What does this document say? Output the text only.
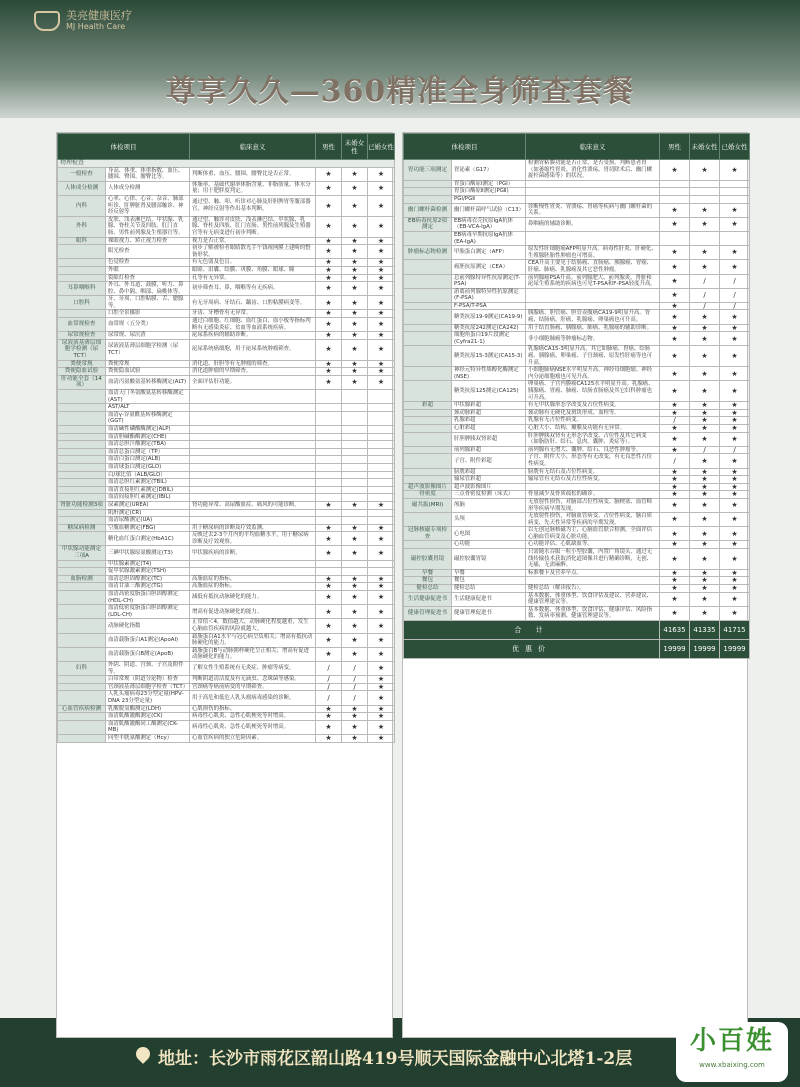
美亮健康医疗
MJ Health Care
尊享久久—360精准全身筛查套餐
体检项目		临床意义	男性	未婚女性	已婚女性
物理检查					
一般检查	身高、体重、体重指数、血压、腰围、臀围、腰臀比等。	判断体重、血压、腰围、腰臀比是否正常。	★	★	★
人体成分检测	人体成分检测	体脂率、基础代谢率体脂含量、非脂肪量、体水分量；用于肥胖度判定。	★	★	★
内科	心率、心律、心音、杂音、肺部听诊、肝脾脏肾及腰部触诊、神经反射等	通过望、触、叩、听诊对心肺及肝胆脾胃等腹部器官，神经反射等作出基本判断。	★	★	★
外科	皮肤、浅表淋巴结、甲状腺、乳腺、脊柱关节及四肢、肛门直肠、男性前列腺及生殖器官等。	通过望、触诊对皮肤、浅表淋巴结、甲状腺、乳腺、脊柱及四肢、肛门直肠、男性前列腺及生殖器官等有无病变进行初步判断。	★	★	★
眼科	裸眼视力、矫正视力检查	视力是否正常。	★	★	★
	眼光检查	初步了解被检者眼睛散光手午钱视网膜上建畸的整备形状。	★	★	★
	色觉检查	有无色弱及色盲。	★	★	★
	外眼	眼睑、泪囊、结膜、巩膜、角膜、眼球、瞳	★	★	★
	裂隙灯检查	孔等有无异常。	★	★	★
耳鼻咽喉科	外耳、外耳道、鼓膜、听力、鼻腔、鼻中隔、咽部、扁桃体等。	初步筛查耳、鼻、咽喉等有无疾病。	★	★	★
口腔科	牙、牙周、口腔粘膜、舌、腮腺等。	有无牙周病、牙结石、龋齿、口腔粘膜病变等。	★	★	★
	口腔全景摄影	牙齿、牙槽骨有无异常。	★	★	★
血常规检查	血常规（五分类）	通过白细胞、红细胞、血红蛋白、血小板等指标判断有无感染炎症、贫血等血液系统疾病。	★	★	★
尿常规检查	尿常规、尿沉渣	泌尿系疾病的辅助诊断。	★	★	★
尿液液基薄层细胞学检测（尿TCT）	尿液液基薄层细胞学检测（尿TCT）	泌尿系统癌细胞，用于泌尿系统肿瘤筛查。	★	★	★
粪便常规	粪便常规	消化道、肝胆等有无肿瘤的筛查。	★	★	★
粪便隐血试验	粪便隐血试验	消化道肿瘤的早期筛查。	★	★	★
肝功能全套（14项）	血清丙氨酸氨基转移酶测定(ALT)	全面评估肝功能。	★	★	★
	血清天门冬氨酸氨基转移酶测定(AST)				
	AST/ALT				
	血清γ-谷氨酰基转移酶测定(GGT)				
	血清碱性磷酸酶测定(ALP)				
	血清胆碱酯酶测定(CHE)				
	血清总胆汁酸测定(TBA)				
	血清总蛋白测定（TP）				
	血清白蛋白测定(ALB)				
	血清球蛋白测定(GLO)				
	白/球比值（ALB/GLO）				
	血清总胆红素测定(TBIL)				
	血清直接胆红素测定(DBIL)				
	血清间接胆红素测定(IBIL)				
肾脏功能检测3项	尿素测定(UREA)	肾功能异常、高尿酸血症、痛风的可能诊断。	★	★	★
	肌酐测定(CR)				
	血清尿酸测定(UA)				
糖尿病检测	空腹血糖测定(FBG)	用于糖尿病的诊断及疗效监测。	★	★	★
	糖化血红蛋白测定(HbA1C)	反映过去2-3个月内的平均血糖水平，用于糖尿病诊断及疗效观察。	★	★	★
甲状腺功能测定三项A	三碘甲状腺原氨酸测定(T3)	甲状腺疾病的诊断。	★	★	★
	甲状腺素测定(T4)				
	促甲状腺激素测定(TSH)				
血脂检测	血清总胆固醇测定(TC)	高脂血症的指标。	★	★	★
	血清甘油三酯测定(TG)	高脂血症的指标。	★	★	★
	血清高密度脂蛋白胆固醇测定(HDL-CH)	減低有抵抗动脉硬化的能力。	★	★	★
	血清低密度脂蛋白胆固醇测定(LDL-CH)	增高有促进动脉硬化的能力。	★	★	★
	动脉硬化指数	正常值＜4，数值越大，动脉硬化程度越重，发生心脑血管疾病的风险就越大。	★	★	★
	血清载脂蛋白A1测定(ApoAI)	载脂蛋白A1水平与冠心病呈负相关；增高有抵抗动脉硬化的能力。	★	★	★
	血清载脂蛋白B测定(ApoB)	载脂蛋白B与动脉粥样硬化呈正相关；增高有促进动脉硬化的能力。	★	★	★
妇科	外阴、阴道、宫颈、子宫及附件等。	了解女性生殖系统有无炎症、肿瘤等病变。	/	/	★
	白带常规（阴道分泌物）检查	判断阴道清洁度及有无滴虫、念珠菌等感染。	/	/	★
	宫颈液基薄层细胞学检查（TCT）	宫颈癌等癌前病变的早期筛查。	/	/	★
	人乳头瘤病毒23分型定量(HPV-DNA 23分型定量)	用于高危和低危人乳头瘤病毒感染的诊断。	/	/	★
心血管疾病检测	乳酸脱氢酶测定(LDH)	心肌损伤的指标。	★	★	★
	血清肌酸激酶测定(CK)	病毒性心肌炎、急性心肌梗死等时增高。	★	★	★
	血清肌酸激酶同工酶测定(CK-MB)	病毒性心肌炎、急性心肌梗死等时增高。	★	★	★
	同型半胱氨酸测定（Hcy）	心血管疾病的独立危险因素。	★	★	★
体检项目		临床意义	男性	未婚女性	已婚女性
胃功能三项测定	胃泌素（G17）	检测胃粘膜功能是否正常，是否受损。判断患者胃（如萎缩性胃炎、消化性溃疡、胃切除术后、幽门螺旋杆菌感染等）的状况。	★	★	★
	胃蛋白酶原Ⅰ测定（PGⅠ）				
	胃蛋白酶原Ⅱ测定(PGⅡ)				
	PGⅠ/PGⅡ				
幽门螺杆菌检测	幽门螺杆菌呼气试验（C13）	诊断慢性胃炎、胃溃疡、胃癌等疾病与幽门螺杆菌的关系。	★	★	★
EB病毒抗原2项测定	EB病毒衣壳抗原IgA抗体（EB-VCA-IgA）	鼻咽癌的辅助诊断。	★	★	★
	EB病毒早期抗原IgA抗体(EA-IgA)				
肿瘤标志物检测	甲胎蛋白测定（AFP）	原发性肝细胞癌AFP明显升高。病毒性肝炎、肝硬化、生殖腺胚胎性肿瘤也可增高。	★	★	★
	癌胚抗原测定（CEA）	CEA升高主要见于结肠癌、直肠癌、胰腺癌、胃癌、肝癌、肺癌、乳腺癌及其它恶性肿瘤。	★	★	★
	总前列腺特异性抗原测定(T-PSA)	前列腺癌PSA升高。前列腺肥大、前列腺炎，肾脏和泌尿生殖系统的疾病也可见T-PSA和F-PSA轻度升高。	★	/	/
	游离前列腺特异性抗原测定(F-PSA)		★	/	/
	F-PSA/T-PSA		★	/	/
	糖类抗原19-9测定(CA19-9)	胰腺癌、胆管癌、胆管壶腹癌CA19-9明显升高。胃癌、结肠癌、肝癌、乳腺癌、卵巢癌也可升高。	★	★	★
	糖类抗原242测定(CA242)	用于结直肠癌、胰腺癌、肺癌、乳腺癌的辅助诊断。	★	★	★
	细胞角蛋白19片段测定(Cyfra21-1)	非小细胞肺癌等肿瘤标志物。	★	★	★
	糖类抗原15-3测定(CA15-3)	乳腺癌CA15-3明显升高，其它如肺癌、胃癌、结肠癌、胰腺癌、卵巢癌、子宫颈癌、原发性肝癌等也可升高。	★	★	★
	神经元特异性烯醇化酶测定(NSE)	小细胞肺癌NSE水平明显升高，神经母细胞瘤、神经内分泌细胞瘤也可见升高。	★	★	★
	糖类抗原125测定(CA125)	卵巢癌、子宫内膜癌CA125水平明显升高。乳腺癌、胰腺癌、胃癌、肺癌、结肠直肠癌及其它妇科肿瘤也可升高。	★	★	★
彩超	甲状腺彩超	有无甲状腺形态学改变及占位性病变。	★	★	★
	颈动脉彩超	颈动脉有无硬化及斑块形成、血栓等。	★	★	★
	乳腺彩超	乳腺有无占位性病变。	/	★	★
	心脏彩超	心脏大小、结构、瓣膜及功能有无异常。	★	★	★
	肝胆脾胰双肾彩超	肝胆脾胰双肾有无形态学改变、占位性及其它病变（如脂肪肝、结石、息肉、囊肿、炎症等）。	★	★	★
	前列腺彩超	前列腺有无增大、囊肿、结石、良恶性肿瘤等。	★	/	/
	子宫、附件彩超	子宫、附件大小、形态等有无改变，有无良恶性占位性病变。	/	★	★
	膀胱彩超	膀胱有无结石及占位性病变。	★	★	★
	输尿管彩超	输尿管有无结石及占位性病变。	★	★	★
超声波影像图片	超声波影像图片		★	★	★
骨密度	三点骨密度检测（床式）	骨量减少及骨质疏松的确诊。	★	★	★
磁共振(MRI)	颅脑	无放射性损伤，对脑部占位性病变、脑梗塞、血管畸形等疾病早期发现。	★	★	★
	头颅	无放射性损伤，对脑血管病变、占位性病变、脑白质病变、先天性异常等疾病的早期发现。	★	★	★
冠脉核磁专项检查	心电图	以无创冠脉核磁为主，心脑血管联合检测，全面评估心脑血管病变及心脏功能。	★	★	★
	心功能	心功能评估、心肌缺血等。	★	★	★
磁控胶囊胃镜	磁控胶囊胃镜	只需随水吞服一粒小型胶囊，内置广角镜头，通过无线传输技术获取消化道图像并进行精确诊断，无创、无痛，无需麻醉。	★	★	★
早餐	早餐	标准餐卡及营养早点。	★	★	★
餐包	餐包		★	★	★
健检总结	健检总结	健检总结（解读报告）。	★	★	★
生活健康促进书	生活健康促进书	基本数据、体重体型、饮食评估及建议、营养建议、健康管理建议等。	★	★	★
健康管理促进书	健康管理促进书	基本数据、体重体型、饮食评估、健康评估、风险指数、发病率预测、健康管理建议等。	★	★	★
合 计			41635	41335	41715
优惠价			19999	19999	19999
地址：长沙市雨花区韶山路419号顺天国际金融中心北塔1-2层
小百姓
www.xbaixing.com
